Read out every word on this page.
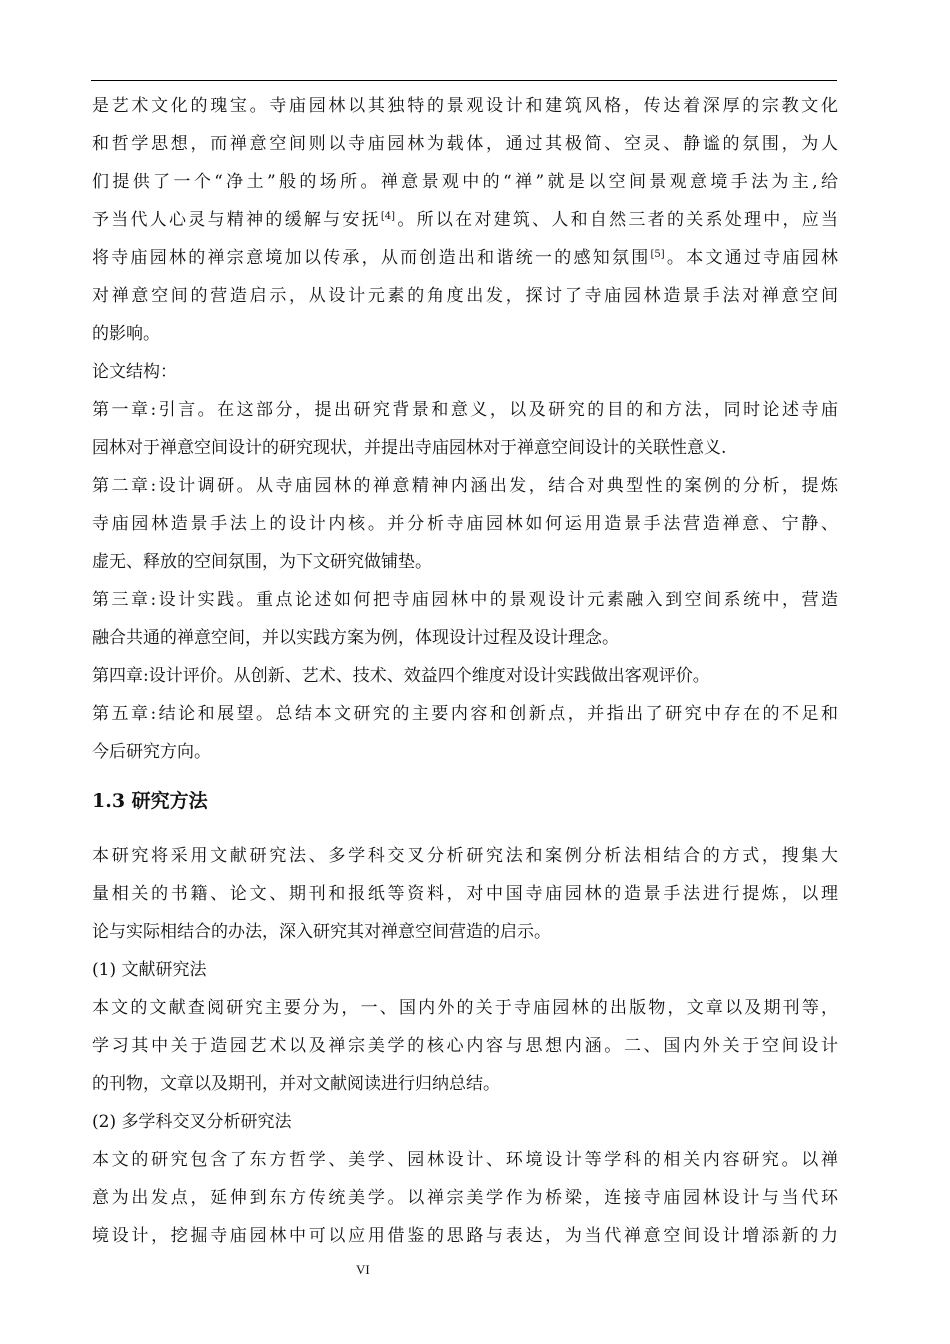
是艺术文化的瑰宝。寺庙园林以其独特的景观设计和建筑风格，传达着深厚的宗教文化
和哲学思想，而禅意空间则以寺庙园林为载体，通过其极简、空灵、静谧的氛围，为人
们提供了一个“净土”般的场所。禅意景观中的“禅”就是以空间景观意境手法为主,给
予当代人心灵与精神的缓解与安抚[4]。所以在对建筑、人和自然三者的关系处理中，应当
将寺庙园林的禅宗意境加以传承，从而创造出和谐统一的感知氛围[5]。本文通过寺庙园林
对禅意空间的营造启示，从设计元素的角度出发，探讨了寺庙园林造景手法对禅意空间
的影响。
论文结构：
第一章:引言。在这部分，提出研究背景和意义，以及研究的目的和方法，同时论述寺庙
园林对于禅意空间设计的研究现状，并提出寺庙园林对于禅意空间设计的关联性意义.
第二章:设计调研。从寺庙园林的禅意精神内涵出发，结合对典型性的案例的分析，提炼
寺庙园林造景手法上的设计内核。并分析寺庙园林如何运用造景手法营造禅意、宁静、
虚无、释放的空间氛围，为下文研究做铺垫。
第三章:设计实践。重点论述如何把寺庙园林中的景观设计元素融入到空间系统中，营造
融合共通的禅意空间，并以实践方案为例，体现设计过程及设计理念。
第四章:设计评价。从创新、艺术、技术、效益四个维度对设计实践做出客观评价。
第五章:结论和展望。总结本文研究的主要内容和创新点，并指出了研究中存在的不足和
今后研究方向。
1.3 研究方法
本研究将采用文献研究法、多学科交叉分析研究法和案例分析法相结合的方式，搜集大
量相关的书籍、论文、期刊和报纸等资料，对中国寺庙园林的造景手法进行提炼，以理
论与实际相结合的办法，深入研究其对禅意空间营造的启示。
(1) 文献研究法
本文的文献查阅研究主要分为，一、国内外的关于寺庙园林的出版物，文章以及期刊等，
学习其中关于造园艺术以及禅宗美学的核心内容与思想内涵。二、国内外关于空间设计
的刊物，文章以及期刊，并对文献阅读进行归纳总结。
(2) 多学科交叉分析研究法
本文的研究包含了东方哲学、美学、园林设计、环境设计等学科的相关内容研究。以禅
意为出发点，延伸到东方传统美学。以禅宗美学作为桥梁，连接寺庙园林设计与当代环
境设计，挖掘寺庙园林中可以应用借鉴的思路与表达，为当代禅意空间设计增添新的力
VI
